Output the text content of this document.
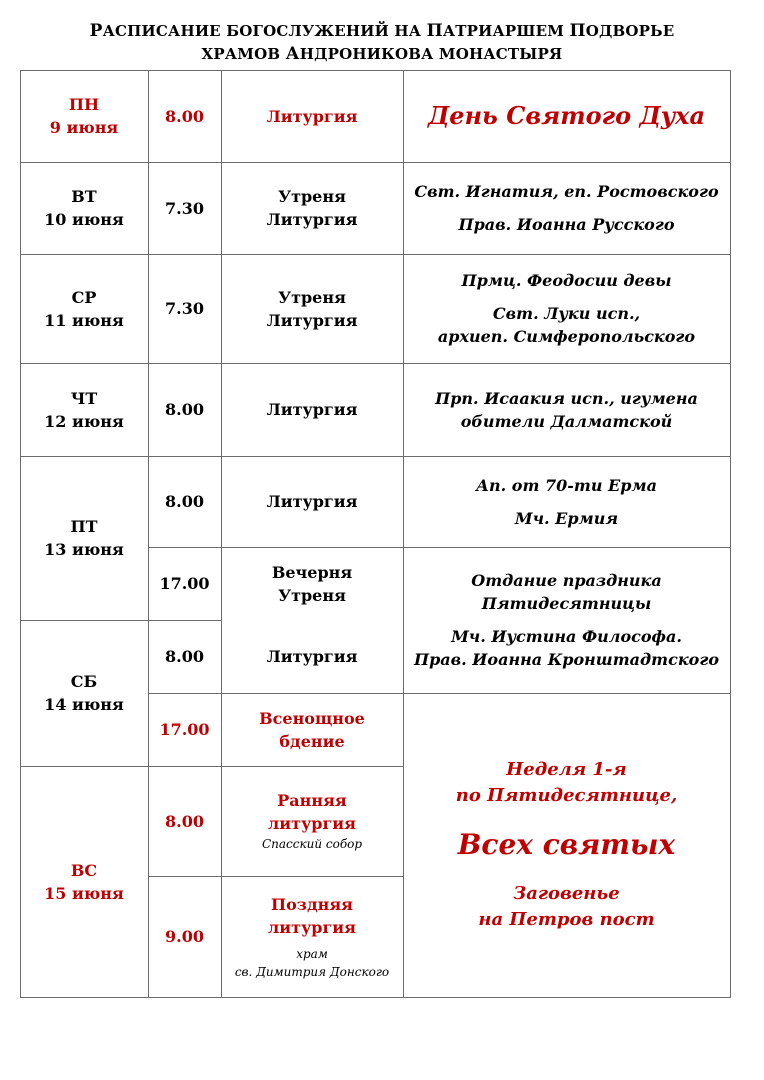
РАСПИСАНИЕ БОГОСЛУЖЕНИЙ НА ПАТРИАРШЕМ ПОДВОРЬЕ
ХРАМОВ АНДРОНИКОВА МОНАСТЫРЯ
ПН
9 июня
ВТ
10 июня
СР
11 июня
ЧТ
12 июня
ПТ
13 июня
СБ
14 июня
ВС
15 июня
8.00
7.30
7.30
8.00
8.00
17.00
8.00
17.00
8.00
9.00
Литургия
Утреня
Литургия
Утреня
Литургия
Литургия
Литургия
Вечерня
Утреня
Литургия
Всенощное
бдение
Ранняя
литургия
Спасский собор
Поздняя
литургия
храм
св. Димитрия Донского
День Святого Духа
Свт. Игнатия, еп. Ростовского
Прав. Иоанна Русского
Прмц. Феодосии девы
Свт. Луки исп.,
архиеп. Симферопольского
Прп. Исаакия исп., игумена
обители Далматской
Ап. от 70-ти Ерма
Мч. Ермия
Отдание праздника
Пятидесятницы
Мч. Иустина Философа.
Прав. Иоанна Кронштадтского
Неделя 1-я
по Пятидесятнице,
Всех святых
Заговенье
на Петров пост
